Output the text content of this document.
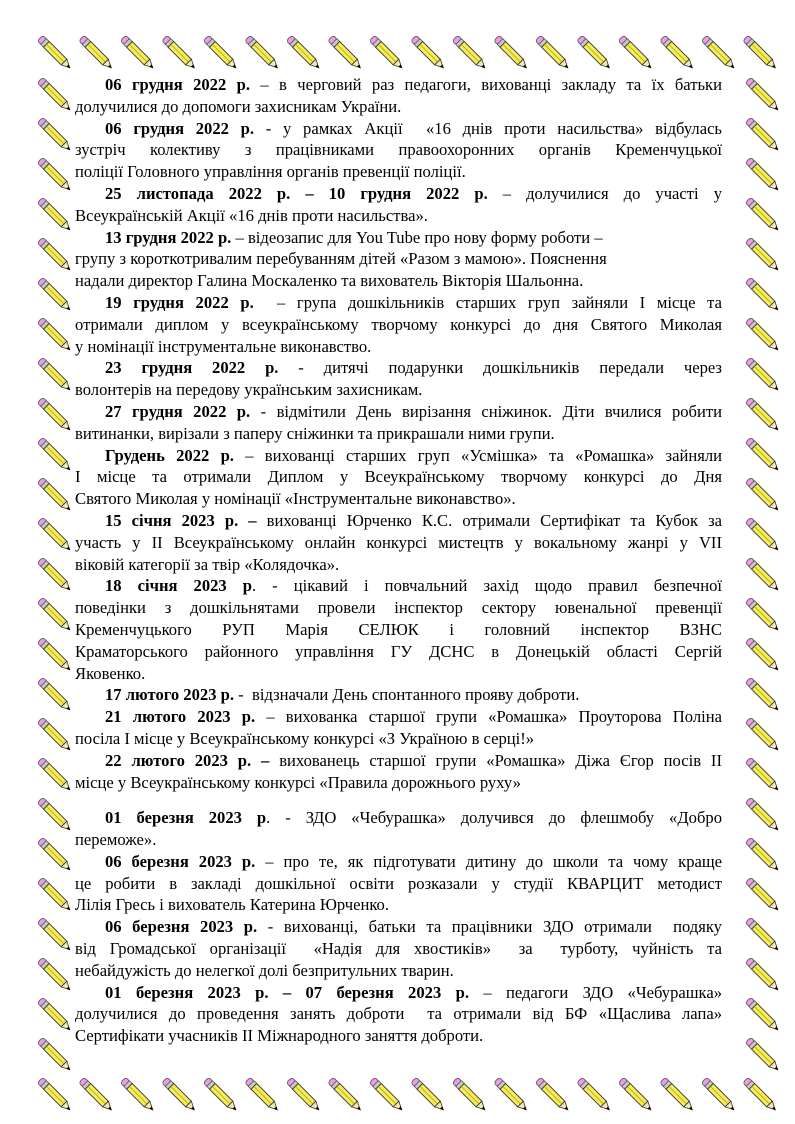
06 грудня 2022 р. – в черговий раз педагоги, вихованці закладу та їх батьки
долучилися до допомоги захисникам України.
06 грудня 2022 р. - у рамках Акції  «16 днів проти насильства» відбулась
зустріч колективу з працівниками правоохоронних органів Кременчуцької
поліції Головного управління органів превенції поліції.
25 листопада 2022 р. – 10 грудня 2022 р. – долучилися до участі у
Всеукраїнській Акції «16 днів проти насильства».
13 грудня 2022 р. – відеозапис для You Tube про нову форму роботи –
групу з короткотривалим перебуванням дітей «Разом з мамою». Пояснення
надали директор Галина Москаленко та вихователь Вікторія Шальонна.
19 грудня 2022 р.  – група дошкільників старших груп зайняли І місце та
отримали диплом у всеукраїнському творчому конкурсі до дня Святого Миколая
у номінації інструментальне виконавство.
23 грудня 2022 р. - дитячі подарунки дошкільників передали через
волонтерів на передову українським захисникам.
27 грудня 2022 р. - відмітили День вирізання сніжинок. Діти вчилися робити
витинанки, вирізали з паперу сніжинки та прикрашали ними групи.
Грудень 2022 р. – вихованці старших груп «Усмішка» та «Ромашка» зайняли
І місце та отримали Диплом у Всеукраїнському творчому конкурсі до Дня
Святого Миколая у номінації «Інструментальне виконавство».
15 січня 2023 р. – вихованці Юрченко К.С. отримали Сертифікат та Кубок за
участь у ІІ Всеукраїнському онлайн конкурсі мистецтв у вокальному жанрі у VII
віковій категорії за твір «Колядочка».
18 січня 2023 р. - цікавий і повчальний захід щодо правил безпечної
поведінки з дошкільнятами провели інспектор сектору ювенальної превенції
Кременчуцького РУП Марія СЕЛЮК і головний інспектор ВЗНС
Краматорського районного управління ГУ ДСНС в Донецькій області Сергій
Яковенко.
17 лютого 2023 р. -  відзначали День спонтанного прояву доброти.
21 лютого 2023 р. – вихованка старшої групи «Ромашка» Проуторова Поліна
посіла І місце у Всеукраїнському конкурсі «З Україною в серці!»
22 лютого 2023 р. – вихованець старшої групи «Ромашка» Діжа Єгор посів ІІ
місце у Всеукраїнському конкурсі «Правила дорожнього руху»
01 березня 2023 р. - ЗДО «Чебурашка» долучився до флешмобу «Добро
переможе».
06 березня 2023 р. – про те, як підготувати дитину до школи та чому краще
це робити в закладі дошкільної освіти розказали у студії КВАРЦИТ методист
Лілія Гресь і вихователь Катерина Юрченко.
06 березня 2023 р. - вихованці, батьки та працівники ЗДО отримали  подяку
від Громадської організації  «Надія для хвостиків»  за  турботу, чуйність та
небайдужість до нелегкої долі безпритульних тварин.
01 березня 2023 р. – 07 березня 2023 р. – педагоги ЗДО «Чебурашка»
долучилися до проведення занять доброти  та отримали від БФ «Щаслива лапа»
Сертифікати учасників ІІ Міжнародного заняття доброти.
